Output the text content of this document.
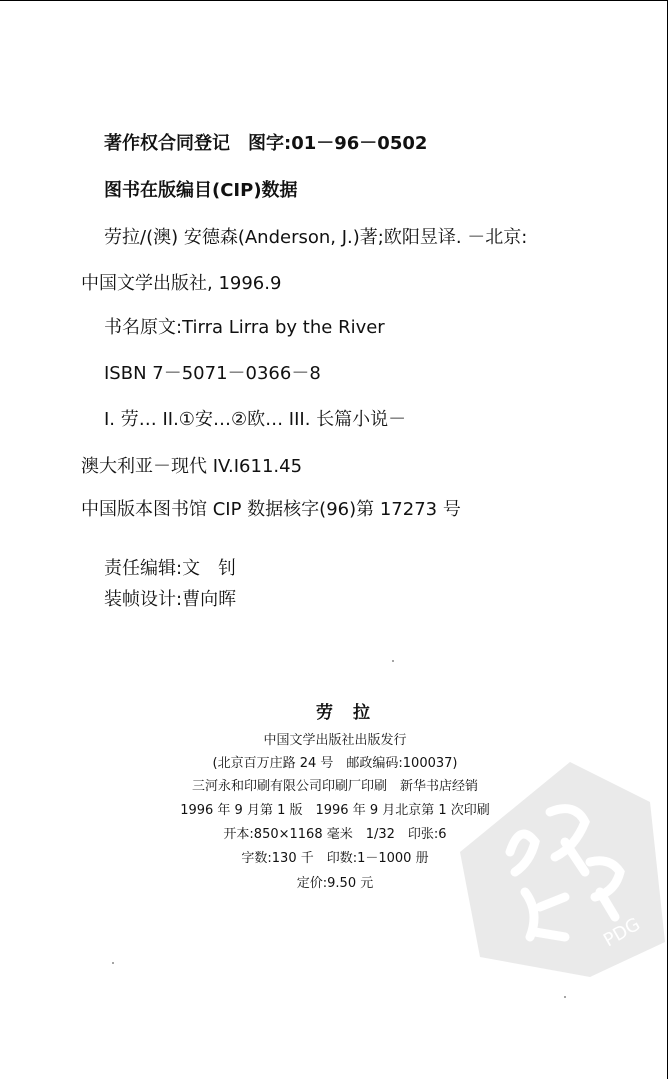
著作权合同登记　图字:01－96－0502
图书在版编目(CIP)数据
劳拉/(澳) 安德森(Anderson, J.)著;欧阳昱译. －北京:
中国文学出版社, 1996.9
书名原文:Tirra Lirra by the River
ISBN 7－5071－0366－8
I. 劳… II.①安…②欧… III. 长篇小说－
澳大利亚－现代 IV.I611.45
中国版本图书馆 CIP 数据核字(96)第 17273 号
责任编辑:文　钊
装帧设计:曹向晖
劳拉
中国文学出版社出版发行
(北京百万庄路 24 号　邮政编码:100037)
三河永和印刷有限公司印刷厂印刷　新华书店经销
1996 年 9 月第 1 版　1996 年 9 月北京第 1 次印刷
开本:850×1168 毫米　1/32　印张:6
字数:130 千　印数:1－1000 册
定价:9.50 元
PDG
